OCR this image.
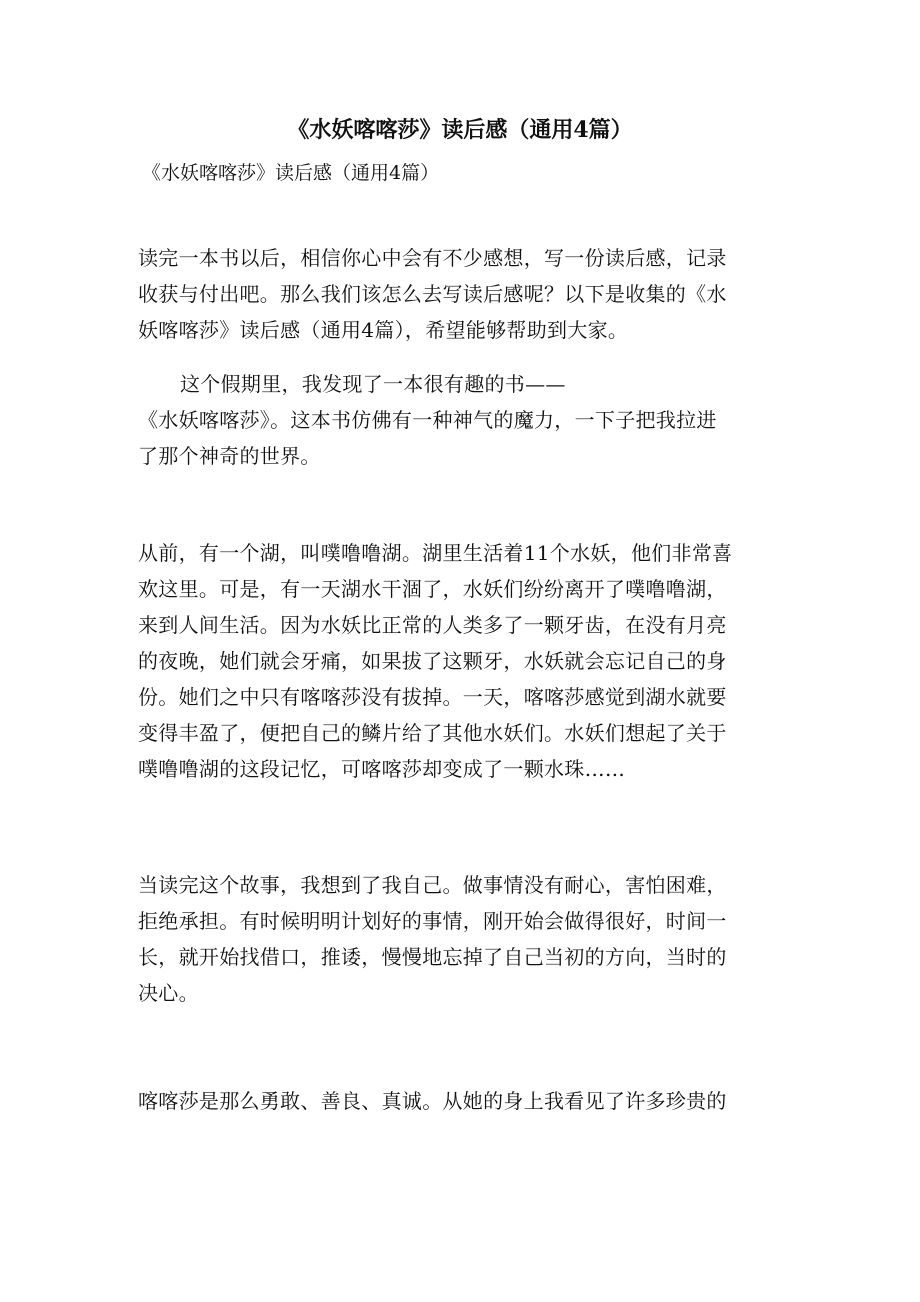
《水妖喀喀莎》读后感（通用4篇）

《水妖喀喀莎》读后感（通用4篇）

读完一本书以后，相信你心中会有不少感想，写一份读后感，记录
收获与付出吧。那么我们该怎么去写读后感呢？以下是收集的《水
妖喀喀莎》读后感（通用4篇），希望能够帮助到大家。

这个假期里，我发现了一本很有趣的书——
《水妖喀喀莎》。这本书仿佛有一种神气的魔力，一下子把我拉进
了那个神奇的世界。

从前，有一个湖，叫噗噜噜湖。湖里生活着11个水妖，他们非常喜
欢这里。可是，有一天湖水干涸了，水妖们纷纷离开了噗噜噜湖，
来到人间生活。因为水妖比正常的人类多了一颗牙齿，在没有月亮
的夜晚，她们就会牙痛，如果拔了这颗牙，水妖就会忘记自己的身
份。她们之中只有喀喀莎没有拔掉。一天，喀喀莎感觉到湖水就要
变得丰盈了，便把自己的鳞片给了其他水妖们。水妖们想起了关于
噗噜噜湖的这段记忆，可喀喀莎却变成了一颗水珠……

当读完这个故事，我想到了我自己。做事情没有耐心，害怕困难，
拒绝承担。有时候明明计划好的事情，刚开始会做得很好，时间一
长，就开始找借口，推诿，慢慢地忘掉了自己当初的方向，当时的
决心。

喀喀莎是那么勇敢、善良、真诚。从她的身上我看见了许多珍贵的
